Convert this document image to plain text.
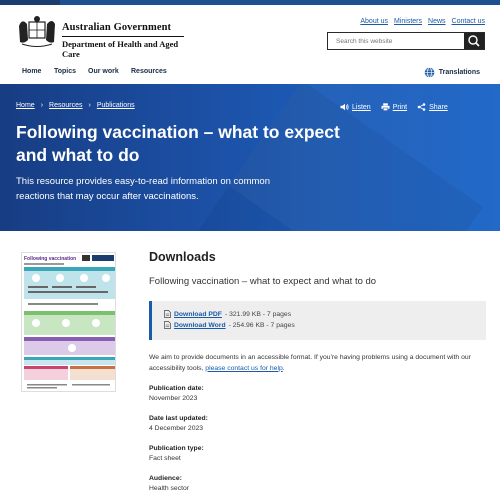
Australian Government
Department of Health and Aged Care
About us Ministers News Contact us
Search this website
Home Topics Our work Resources	Translations
Home › Resources › Publications	Listen	Print	Share
Following vaccination – what to expect and what to do
This resource provides easy-to-read information on common reactions that may occur after vaccinations.
Following vaccination	Downloads
Following vaccination – what to expect and what to do
Download PDF - 321.99 KB - 7 pages
Download Word - 254.96 KB - 7 pages
We aim to provide documents in an accessible format. If you're having problems using a document with our accessibility tools, please contact us for help.
Publication date:
November 2023
Date last updated:
4 December 2023
Publication type:
Fact sheet
Audience:
Health sector
